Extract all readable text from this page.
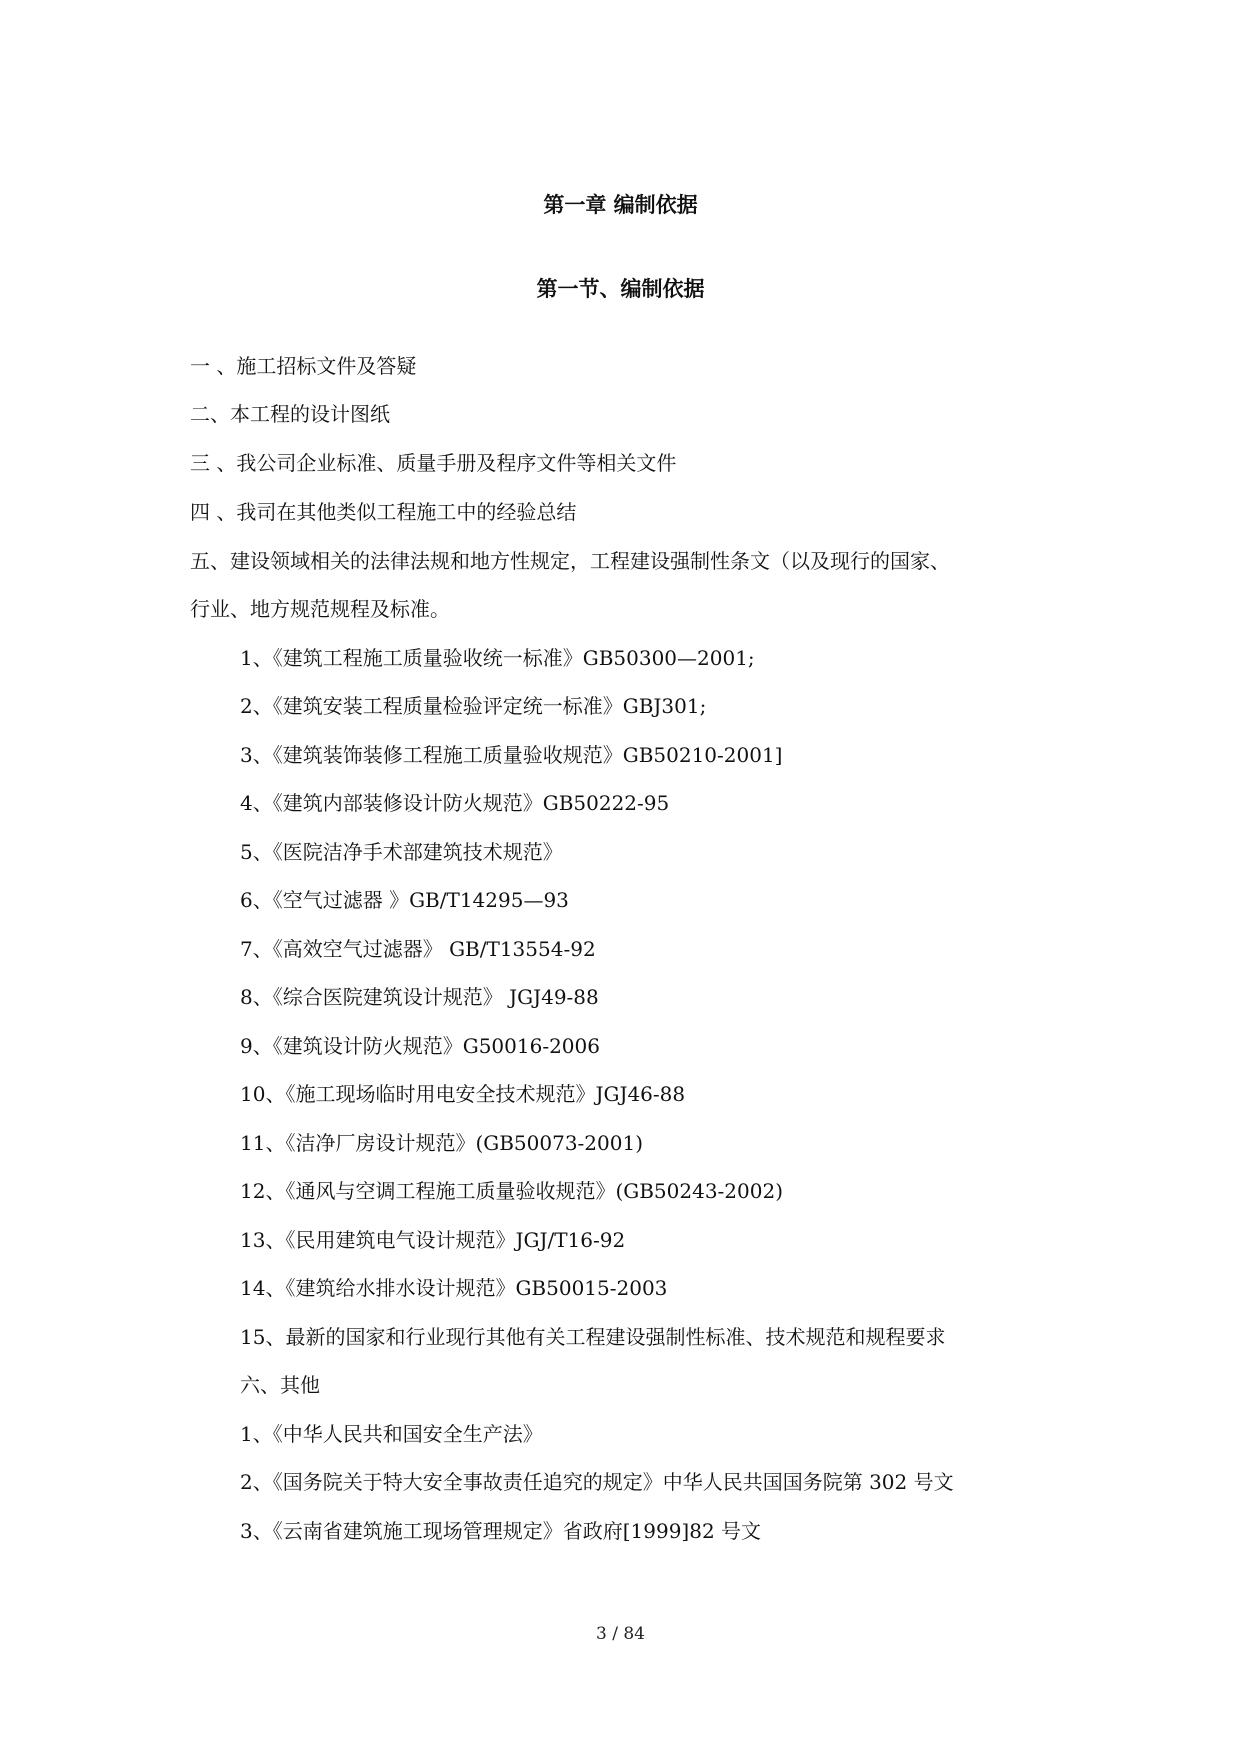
第一章 编制依据
第一节、编制依据
一 、施工招标文件及答疑
二、本工程的设计图纸
三 、我公司企业标准、质量手册及程序文件等相关文件
四 、我司在其他类似工程施工中的经验总结
五、建设领域相关的法律法规和地方性规定，工程建设强制性条文（以及现行的国家、
行业、地方规范规程及标准。
1、《建筑工程施工质量验收统一标准》GB50300—2001;
2、《建筑安装工程质量检验评定统一标准》GBJ301;
3、《建筑装饰装修工程施工质量验收规范》GB50210-2001]
4、《建筑内部装修设计防火规范》GB50222-95
5、《医院洁净手术部建筑技术规范》
6、《空气过滤器 》GB/T14295—93
7、《高效空气过滤器》 GB/T13554-92
8、《综合医院建筑设计规范》 JGJ49-88
9、《建筑设计防火规范》G50016-2006
10、《施工现场临时用电安全技术规范》JGJ46-88
11、《洁净厂房设计规范》(GB50073-2001)
12、《通风与空调工程施工质量验收规范》(GB50243-2002)
13、《民用建筑电气设计规范》JGJ/T16-92
14、《建筑给水排水设计规范》GB50015-2003
15、最新的国家和行业现行其他有关工程建设强制性标准、技术规范和规程要求
六、其他
1、《中华人民共和国安全生产法》
2、《国务院关于特大安全事故责任追究的规定》中华人民共国国务院第 302 号文
3、《云南省建筑施工现场管理规定》省政府[1999]82 号文
3 / 84
